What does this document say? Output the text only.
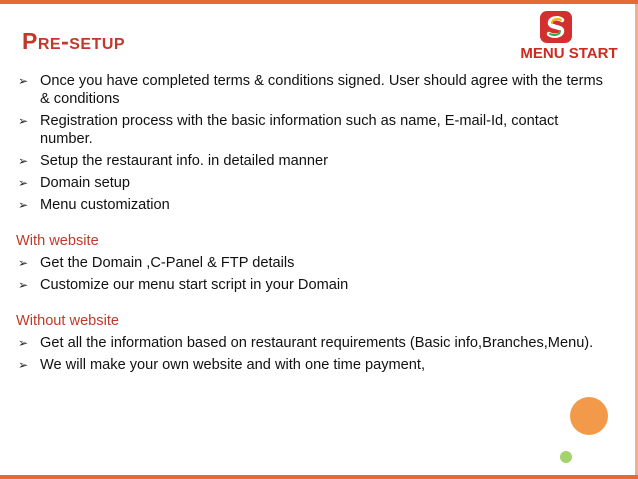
Pre-setup	MENU START
➢ Once you have completed terms & conditions signed. User should agree with the terms & conditions
➢ Registration process with the basic information such as name, E-mail-Id, contact number.
➢ Setup the restaurant info. in detailed manner
➢ Domain setup
➢ Menu customization
With website
➢ Get the Domain ,C-Panel & FTP details
➢ Customize our menu start script in your Domain
Without website
➢ Get all the information based on restaurant requirements (Basic info,Branches,Menu).
➢ We will make your own website and with one time payment,
